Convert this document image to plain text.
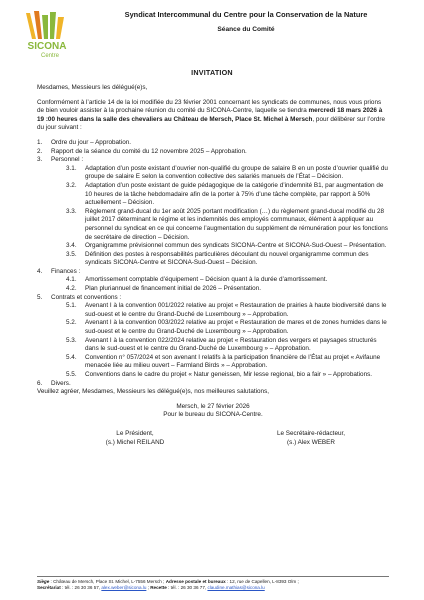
SICONA
Centre
Syndicat Intercommunal du Centre pour la Conservation de la Nature
Séance du Comité
INVITATION

Mesdames, Messieurs les délégué(e)s,

Conformément à l’article 14 de la loi modifiée du 23 février 2001 concernant les syndicats de communes, nous vous prions de bien vouloir assister à la prochaine réunion du comité du SICONA-Centre, laquelle se tiendra mercredi 18 mars 2026 à 19 :00 heures dans la salle des chevaliers au Château de Mersch, Place St. Michel à Mersch, pour délibérer sur l’ordre du jour suivant :

1. Ordre du jour – Approbation.
2. Rapport de la séance du comité du 12 novembre 2025 – Approbation.
3. Personnel :
3.1. Adaptation d’un poste existant d’ouvrier non-qualifié du groupe de salaire B en un poste d’ouvrier qualifié du groupe de salaire E selon la convention collective des salariés manuels de l’État – Décision.
3.2. Adaptation d’un poste existant de guide pédagogique de la catégorie d’indemnité B1, par augmentation de 10 heures de la tâche hebdomadaire afin de la porter à 75% d’une tâche complète, par rapport à 50% actuellement – Décision.
3.3. Règlement grand-ducal du 1er août 2025 portant modification (…) du règlement grand-ducal modifié du 28 juillet 2017 déterminant le régime et les indemnités des employés communaux, élément à appliquer au personnel du syndicat en ce qui concerne l’augmentation du supplément de rémunération pour les fonctions de secrétaire de direction – Décision.
3.4. Organigramme prévisionnel commun des syndicats SICONA-Centre et SICONA-Sud-Ouest – Présentation.
3.5. Définition des postes à responsabilités particulières découlant du nouvel organigramme commun des syndicats SICONA-Centre et SICONA-Sud-Ouest – Décision.
4. Finances :
4.1. Amortissement comptable d’équipement – Décision quant à la durée d’amortissement.
4.2. Plan pluriannuel de financement initial de 2026 – Présentation.
5. Contrats et conventions :
5.1. Avenant I à la convention 001/2022 relative au projet « Restauration de prairies à haute biodiversité dans le sud-ouest et le centre du Grand-Duché de Luxembourg » – Approbation.
5.2. Avenant I à la convention 003/2022 relative au projet « Restauration de mares et de zones humides dans le sud-ouest et le centre du Grand-Duché de Luxembourg » – Approbation.
5.3. Avenant I à la convention 022/2024 relative au projet « Restauration des vergers et paysages structurés dans le sud-ouest et le centre du Grand-Duché de Luxembourg » – Approbation.
5.4. Convention n° 057/2024 et son avenant I relatifs à la participation financière de l’État au projet « Avifaune menacée liée au milieu ouvert – Farmland Birds » – Approbation.
5.5. Conventions dans le cadre du projet « Natur geneissen, Mir lesse regional, bio a fair » – Approbations.
6. Divers.

Veuillez agréer, Mesdames, Messieurs les délégué(e)s, nos meilleures salutations,

Mersch, le 27 février 2026
Pour le bureau du SICONA-Centre.
Le Président,
(s.) Michel REILAND
Le Secrétaire-rédacteur,
(s.) Alex WEBER
Siège : Château de Mersch, Place St. Michel, L-7556 Mersch ; Adresse postale et bureaux : 12, rue de Capellen, L-8393 Olm ;
Secrétariat : tél. : 26 30 36 57, alex.weber@sicona.lu ; Recette : tél. : 26 30 36 77, claudine.mathias@sicona.lu
